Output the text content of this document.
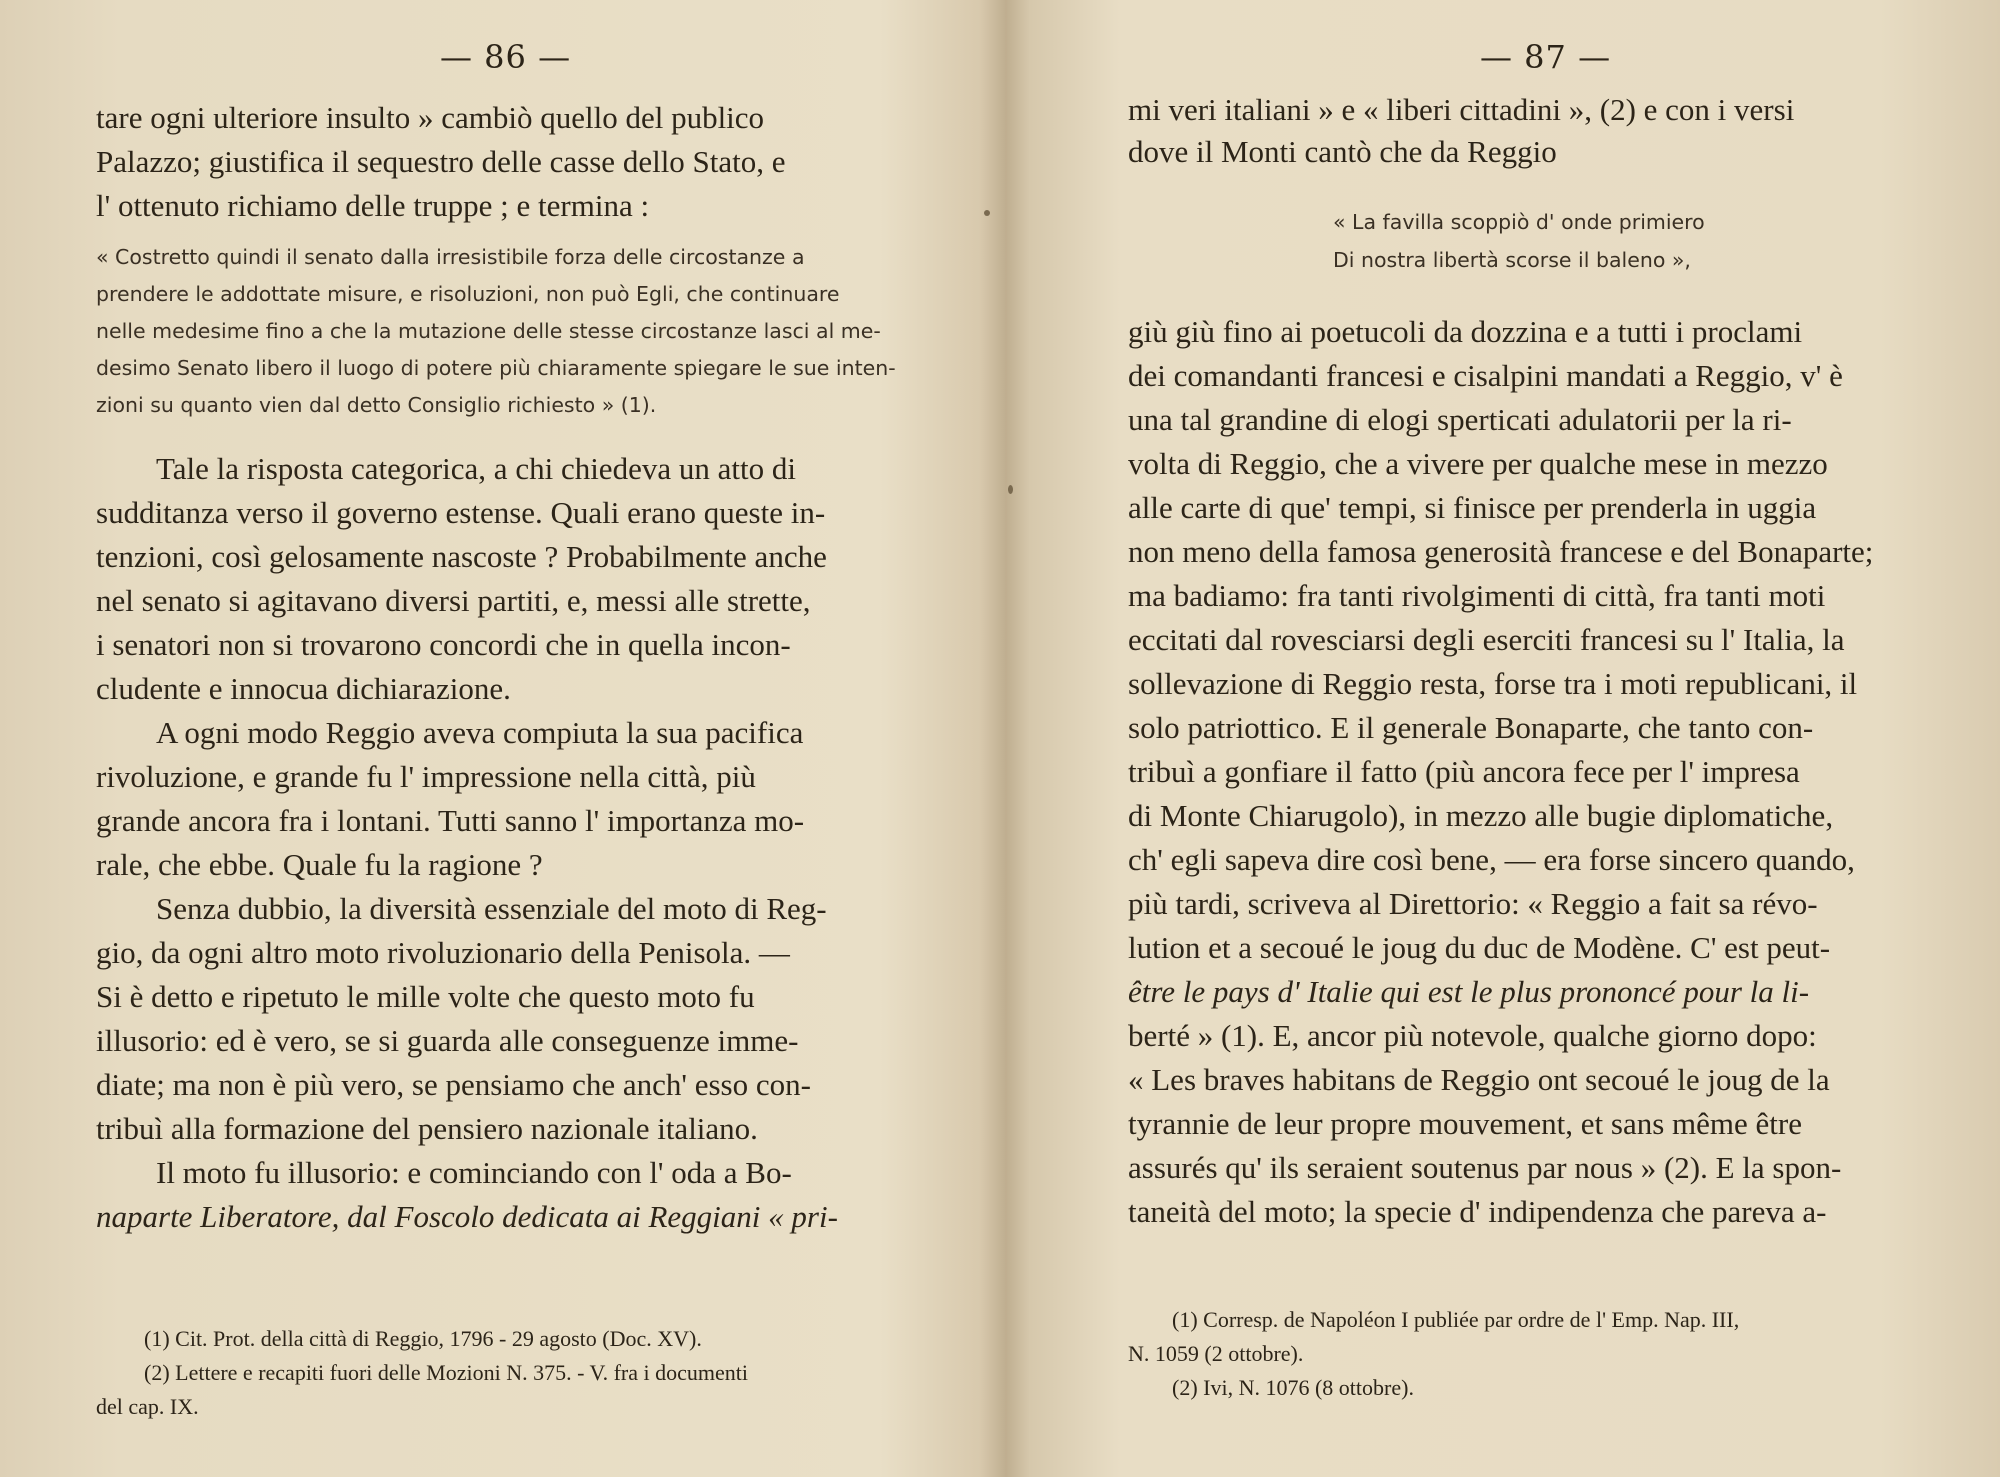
— 86 —
tare ogni ulteriore insulto » cambiò quello del publico
Palazzo; giustifica il sequestro delle casse dello Stato, e
l' ottenuto richiamo delle truppe ; e termina :
« Costretto quindi il senato dalla irresistibile forza delle circostanze a
prendere le addottate misure, e risoluzioni, non può Egli, che continuare
nelle medesime fino a che la mutazione delle stesse circostanze lasci al me-
desimo Senato libero il luogo di potere più chiaramente spiegare le sue inten-
zioni su quanto vien dal detto Consiglio richiesto » (1).
Tale la risposta categorica, a chi chiedeva un atto di
sudditanza verso il governo estense. Quali erano queste in-
tenzioni, così gelosamente nascoste ? Probabilmente anche
nel senato si agitavano diversi partiti, e, messi alle strette,
i senatori non si trovarono concordi che in quella incon-
cludente e innocua dichiarazione.
A ogni modo Reggio aveva compiuta la sua pacifica
rivoluzione, e grande fu l' impressione nella città, più
grande ancora fra i lontani. Tutti sanno l' importanza mo-
rale, che ebbe. Quale fu la ragione ?
Senza dubbio, la diversità essenziale del moto di Reg-
gio, da ogni altro moto rivoluzionario della Penisola. —
Si è detto e ripetuto le mille volte che questo moto fu
illusorio: ed è vero, se si guarda alle conseguenze imme-
diate; ma non è più vero, se pensiamo che anch' esso con-
tribuì alla formazione del pensiero nazionale italiano.
Il moto fu illusorio: e cominciando con l' oda a Bo-
naparte Liberatore, dal Foscolo dedicata ai Reggiani « pri-
(1) Cit. Prot. della città di Reggio, 1796 - 29 agosto (Doc. XV).
(2) Lettere e recapiti fuori delle Mozioni N. 375. - V. fra i documenti
del cap. IX.
— 87 —
mi veri italiani » e « liberi cittadini », (2) e con i versi
dove il Monti cantò che da Reggio
« La favilla scoppiò d' onde primiero
Di nostra libertà scorse il baleno »,
giù giù fino ai poetucoli da dozzina e a tutti i proclami
dei comandanti francesi e cisalpini mandati a Reggio, v' è
una tal grandine di elogi sperticati adulatorii per la ri-
volta di Reggio, che a vivere per qualche mese in mezzo
alle carte di que' tempi, si finisce per prenderla in uggia
non meno della famosa generosità francese e del Bonaparte;
ma badiamo: fra tanti rivolgimenti di città, fra tanti moti
eccitati dal rovesciarsi degli eserciti francesi su l' Italia, la
sollevazione di Reggio resta, forse tra i moti republicani, il
solo patriottico. E il generale Bonaparte, che tanto con-
tribuì a gonfiare il fatto (più ancora fece per l' impresa
di Monte Chiarugolo), in mezzo alle bugie diplomatiche,
ch' egli sapeva dire così bene, — era forse sincero quando,
più tardi, scriveva al Direttorio: « Reggio a fait sa révo-
lution et a secoué le joug du duc de Modène. C' est peut-
être le pays d' Italie qui est le plus prononcé pour la li-
berté » (1). E, ancor più notevole, qualche giorno dopo:
« Les braves habitans de Reggio ont secoué le joug de la
tyrannie de leur propre mouvement, et sans même être
assurés qu' ils seraient soutenus par nous » (2). E la spon-
taneità del moto; la specie d' indipendenza che pareva a-
(1) Corresp. de Napoléon I publiée par ordre de l' Emp. Nap. III,
N. 1059 (2 ottobre).
(2) Ivi, N. 1076 (8 ottobre).
